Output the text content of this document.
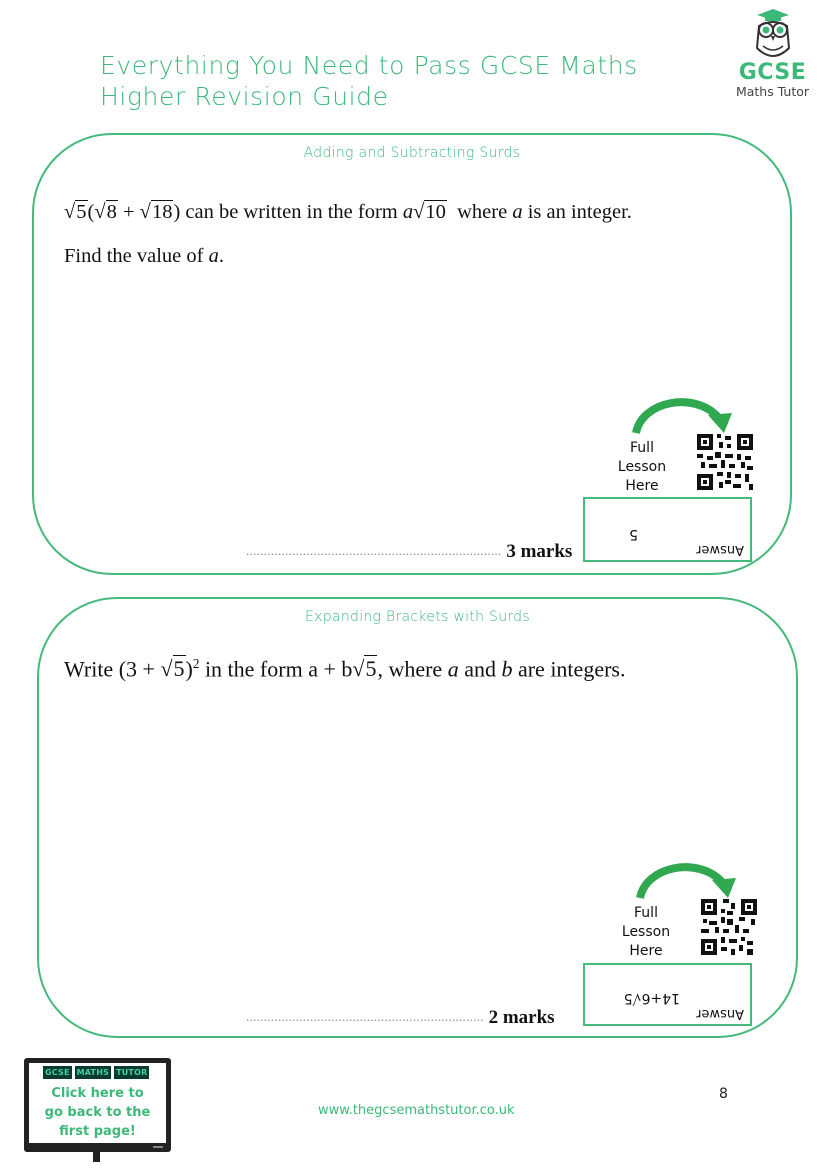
Everything You Need to Pass GCSE Maths
Higher Revision Guide
GCSE
Maths Tutor
Adding and Subtracting Surds
√5(√8 + √18) can be written in the form a√10  where a is an integer.
Find the value of a.
Full
Lesson
Here
........................................................................ 3 marks	Answer
5
Expanding Brackets with Surds
Write $(3 + √5)^2$ in the form a + b√5, where a and b are integers.
Full
Lesson
Here
................................................................... 2 marks	Answer
14+6√5
GCSE MATHS TUTOR
Click here to
go back to the
first page!
www.thegcsemathstutor.co.uk
8
